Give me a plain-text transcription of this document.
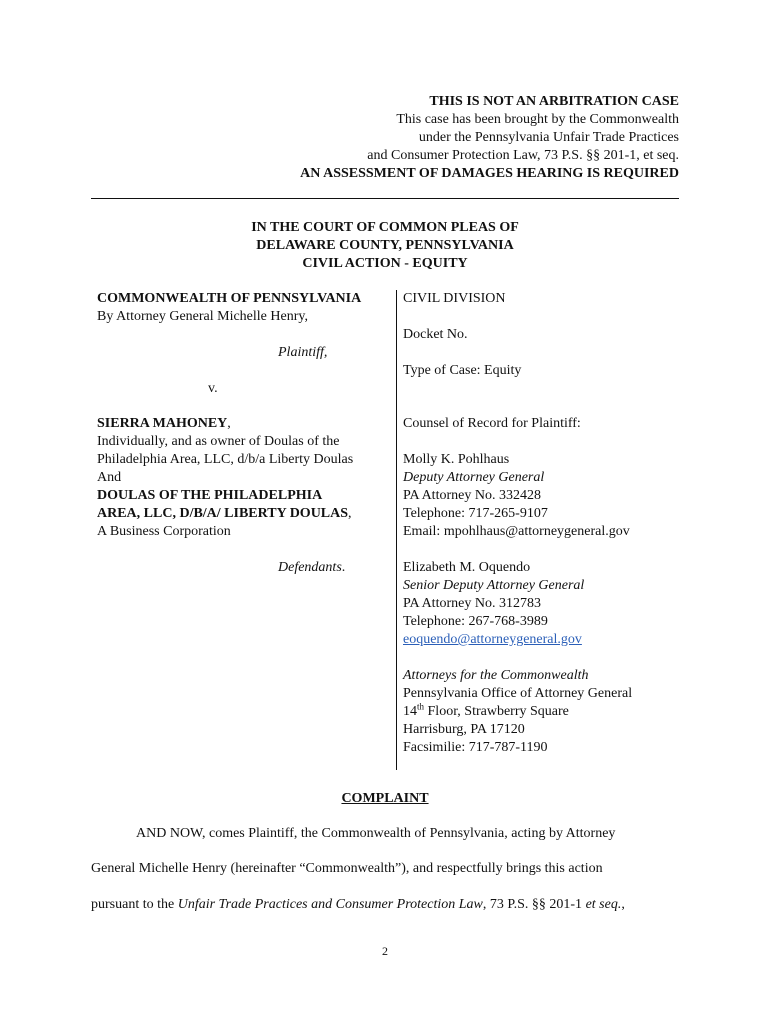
THIS IS NOT AN ARBITRATION CASE
This case has been brought by the Commonwealth
under the Pennsylvania Unfair Trade Practices
and Consumer Protection Law, 73 P.S. §§ 201-1, et seq.
AN ASSESSMENT OF DAMAGES HEARING IS REQUIRED
IN THE COURT OF COMMON PLEAS OF
DELAWARE COUNTY, PENNSYLVANIA
CIVIL ACTION - EQUITY
COMMONWEALTH OF PENNSYLVANIA
By Attorney General Michelle Henry,
Plaintiff,
v.
SIERRA MAHONEY,
Individually, and as owner of Doulas of the
Philadelphia Area, LLC, d/b/a Liberty Doulas
And
DOULAS OF THE PHILADELPHIA
AREA, LLC, D/B/A/ LIBERTY DOULAS,
A Business Corporation
Defendants.
CIVIL DIVISION
Docket No.
Type of Case: Equity
Counsel of Record for Plaintiff:
Molly K. Pohlhaus
Deputy Attorney General
PA Attorney No. 332428
Telephone: 717-265-9107
Email: mpohlhaus@attorneygeneral.gov
Elizabeth M. Oquendo
Senior Deputy Attorney General
PA Attorney No. 312783
Telephone: 267-768-3989
eoquendo@attorneygeneral.gov
Attorneys for the Commonwealth
Pennsylvania Office of Attorney General
14th Floor, Strawberry Square
Harrisburg, PA 17120
Facsimilie: 717-787-1190
COMPLAINT
AND NOW, comes Plaintiff, the Commonwealth of Pennsylvania, acting by Attorney
General Michelle Henry (hereinafter “Commonwealth”), and respectfully brings this action
pursuant to the Unfair Trade Practices and Consumer Protection Law, 73 P.S. §§ 201-1 et seq.,
2
